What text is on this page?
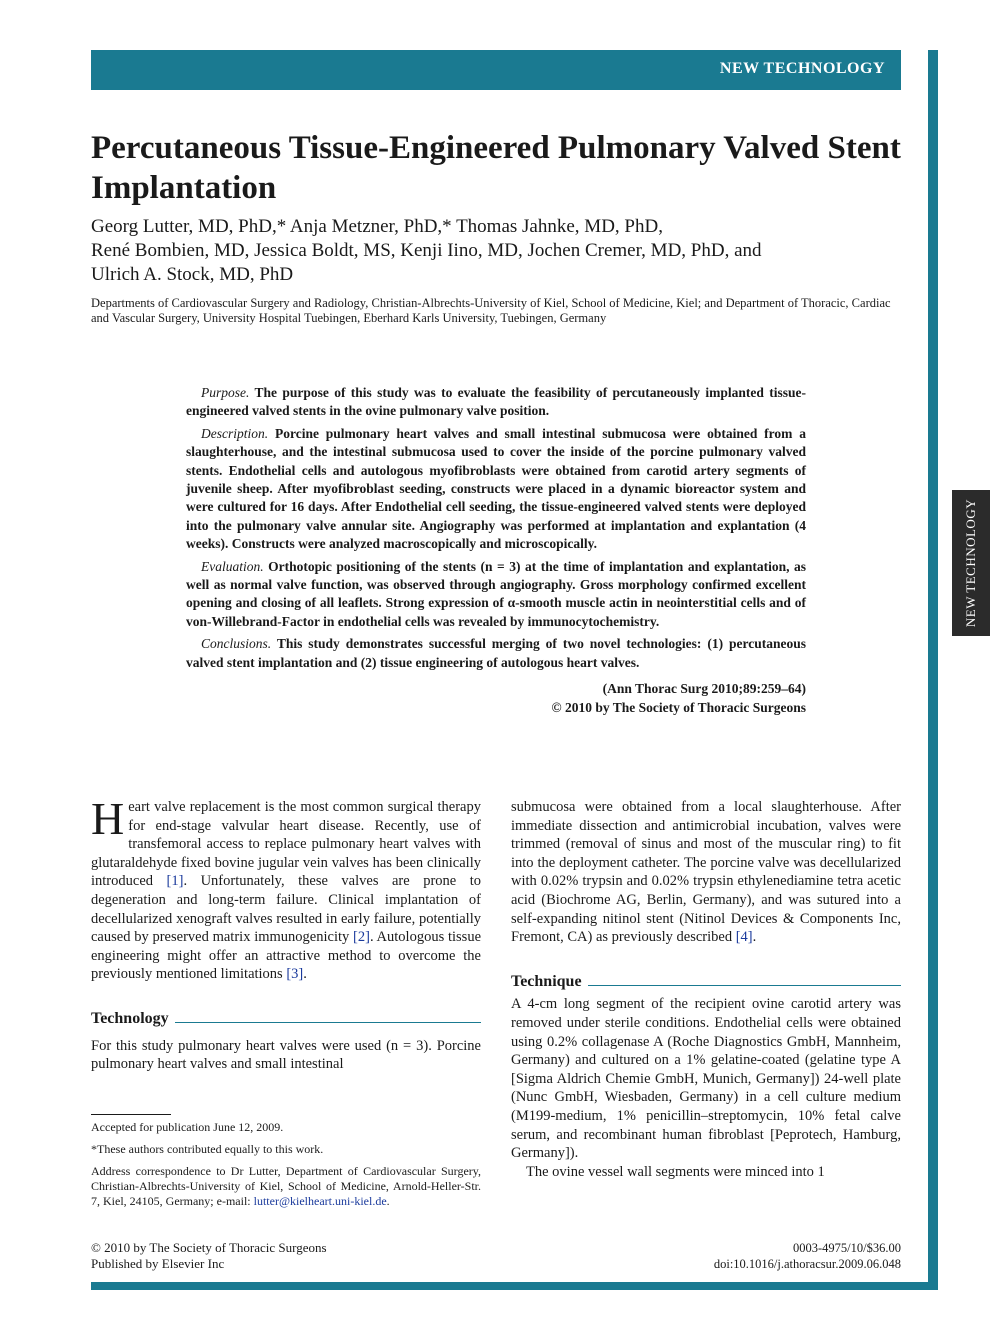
NEW TECHNOLOGY
NEW TECHNOLOGY
Percutaneous Tissue-Engineered Pulmonary Valved Stent Implantation
Georg Lutter, MD, PhD,* Anja Metzner, PhD,* Thomas Jahnke, MD, PhD,
René Bombien, MD, Jessica Boldt, MS, Kenji Iino, MD, Jochen Cremer, MD, PhD, and
Ulrich A. Stock, MD, PhD
Departments of Cardiovascular Surgery and Radiology, Christian-Albrechts-University of Kiel, School of Medicine, Kiel; and Department of Thoracic, Cardiac and Vascular Surgery, University Hospital Tuebingen, Eberhard Karls University, Tuebingen, Germany

Purpose. The purpose of this study was to evaluate the feasibility of percutaneously implanted tissue-engineered valved stents in the ovine pulmonary valve position.

Description. Porcine pulmonary heart valves and small intestinal submucosa were obtained from a slaughterhouse, and the intestinal submucosa used to cover the inside of the porcine pulmonary valved stents. Endothelial cells and autologous myofibroblasts were obtained from carotid artery segments of juvenile sheep. After myofibroblast seeding, constructs were placed in a dynamic bioreactor system and were cultured for 16 days. After Endothelial cell seeding, the tissue-engineered valved stents were deployed into the pulmonary valve annular site. Angiography was performed at implantation and explantation (4 weeks). Constructs were analyzed macroscopically and microscopically.

Evaluation. Orthotopic positioning of the stents (n = 3) at the time of implantation and explantation, as well as normal valve function, was observed through angiography. Gross morphology confirmed excellent opening and closing of all leaflets. Strong expression of α-smooth muscle actin in neointerstitial cells and of von-Willebrand-Factor in endothelial cells was revealed by immunocytochemistry.

Conclusions. This study demonstrates successful merging of two novel technologies: (1) percutaneous valved stent implantation and (2) tissue engineering of autologous heart valves.

(Ann Thorac Surg 2010;89:259–64)
© 2010 by The Society of Thoracic Surgeons

Heart valve replacement is the most common surgical therapy for end-stage valvular heart disease. Recently, use of transfemoral access to replace pulmonary heart valves with glutaraldehyde fixed bovine jugular vein valves has been clinically introduced [1]. Unfortunately, these valves are prone to degeneration and long-term failure. Clinical implantation of decellularized xenograft valves resulted in early failure, potentially caused by preserved matrix immunogenicity [2]. Autologous tissue engineering might offer an attractive method to overcome the previously mentioned limitations [3].

Technology

For this study pulmonary heart valves were used (n = 3). Porcine pulmonary heart valves and small intestinal

submucosa were obtained from a local slaughterhouse. After immediate dissection and antimicrobial incubation, valves were trimmed (removal of sinus and most of the muscular ring) to fit into the deployment catheter. The porcine valve was decellularized with 0.02% trypsin and 0.02% trypsin ethylenediamine tetra acetic acid (Biochrome AG, Berlin, Germany), and was sutured into a self-expanding nitinol stent (Nitinol Devices & Components Inc, Fremont, CA) as previously described [4].

Technique

A 4-cm long segment of the recipient ovine carotid artery was removed under sterile conditions. Endothelial cells were obtained using 0.2% collagenase A (Roche Diagnostics GmbH, Mannheim, Germany) and cultured on a 1% gelatine-coated (gelatine type A [Sigma Aldrich Chemie GmbH, Munich, Germany]) 24-well plate (Nunc GmbH, Wiesbaden, Germany) in a cell culture medium (M199-medium, 1% penicillin–streptomycin, 10% fetal calve serum, and recombinant human fibroblast [Peprotech, Hamburg, Germany]).

The ovine vessel wall segments were minced into 1

Accepted for publication June 12, 2009.

*These authors contributed equally to this work.

Address correspondence to Dr Lutter, Department of Cardiovascular Surgery, Christian-Albrechts-University of Kiel, School of Medicine, Arnold-Heller-Str. 7, Kiel, 24105, Germany; e-mail: lutter@kielheart.uni-kiel.de.

© 2010 by The Society of Thoracic Surgeons
Published by Elsevier Inc
0003-4975/10/$36.00
doi:10.1016/j.athoracsur.2009.06.048
